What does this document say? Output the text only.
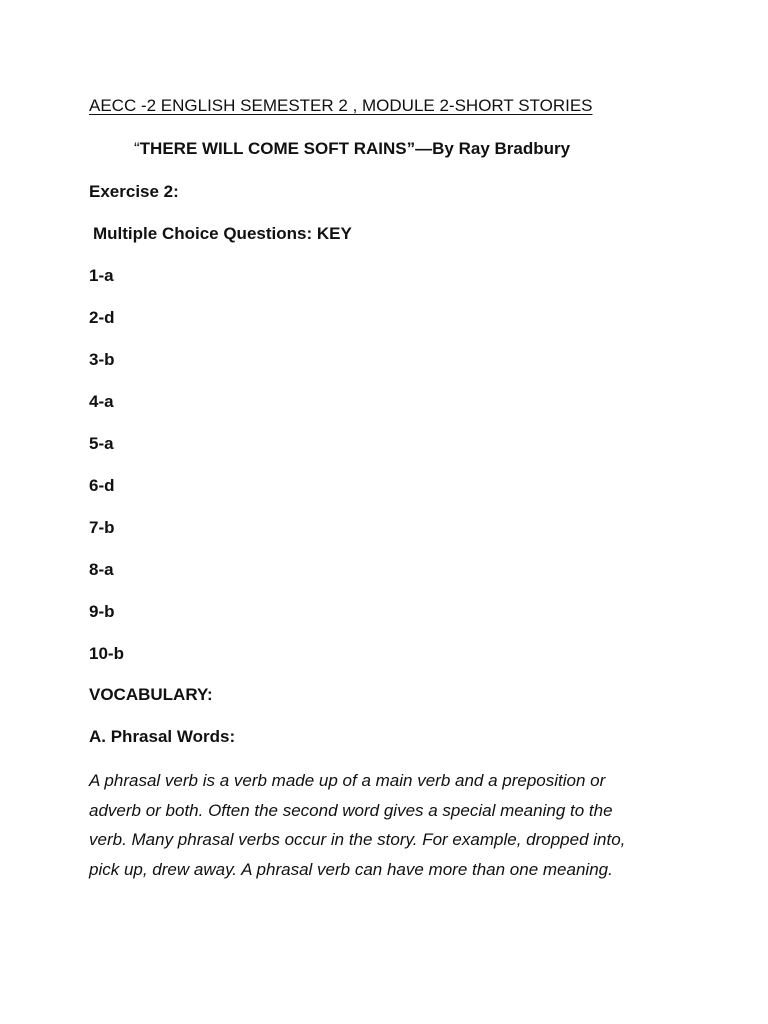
AECC -2 ENGLISH SEMESTER 2 , MODULE 2-SHORT STORIES
“THERE WILL COME SOFT RAINS”—By Ray Bradbury
Exercise 2:
Multiple Choice Questions: KEY
1-a
2-d
3-b
4-a
5-a
6-d
7-b
8-a
9-b
10-b
VOCABULARY:
A. Phrasal Words:
A phrasal verb is a verb made up of a main verb and a preposition or
adverb or both. Often the second word gives a special meaning to the
verb. Many phrasal verbs occur in the story. For example, dropped into,
pick up, drew away. A phrasal verb can have more than one meaning.
